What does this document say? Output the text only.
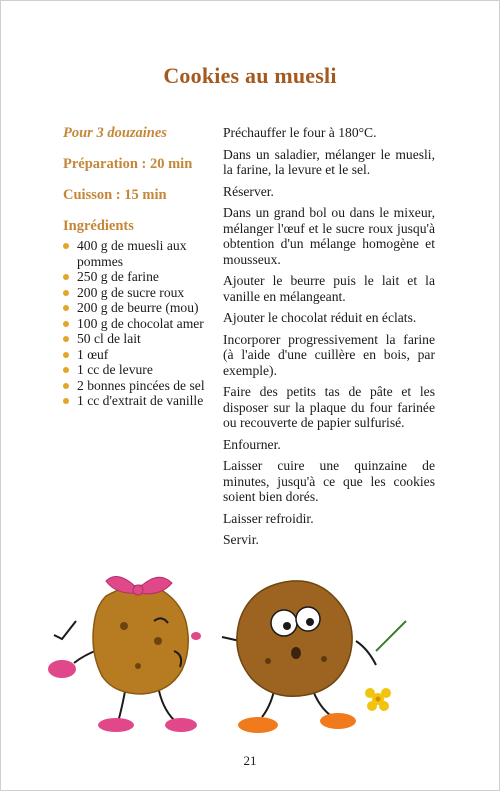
Cookies au muesli
Pour 3 douzaines
Préparation : 20 min
Cuisson : 15 min
Ingrédients
400 g de muesli aux pommes
250 g de farine
200 g de sucre roux
200 g de beurre (mou)
100 g de chocolat amer
50 cl de lait
1 œuf
1 cc de levure
2 bonnes pincées de sel
1 cc d'extrait de vanille

Préchauffer le four à 180°C.

Dans un saladier, mélanger le muesli, la farine, la levure et le sel.

Réserver.

Dans un grand bol ou dans le mixeur, mélanger l'œuf et le sucre roux jusqu'à obtention d'un mélange homogène et mousseux.

Ajouter le beurre puis le lait et la vanille en mélangeant.

Ajouter le chocolat réduit en éclats.

Incorporer progressivement la farine (à l'aide d'une cuillère en bois, par exemple).

Faire des petits tas de pâte et les disposer sur la plaque du four farinée ou recouverte de papier sulfurisé.

Enfourner.

Laisser cuire une quinzaine de minutes, jusqu'à ce que les cookies soient bien dorés.

Laisser refroidir.

Servir.

21
